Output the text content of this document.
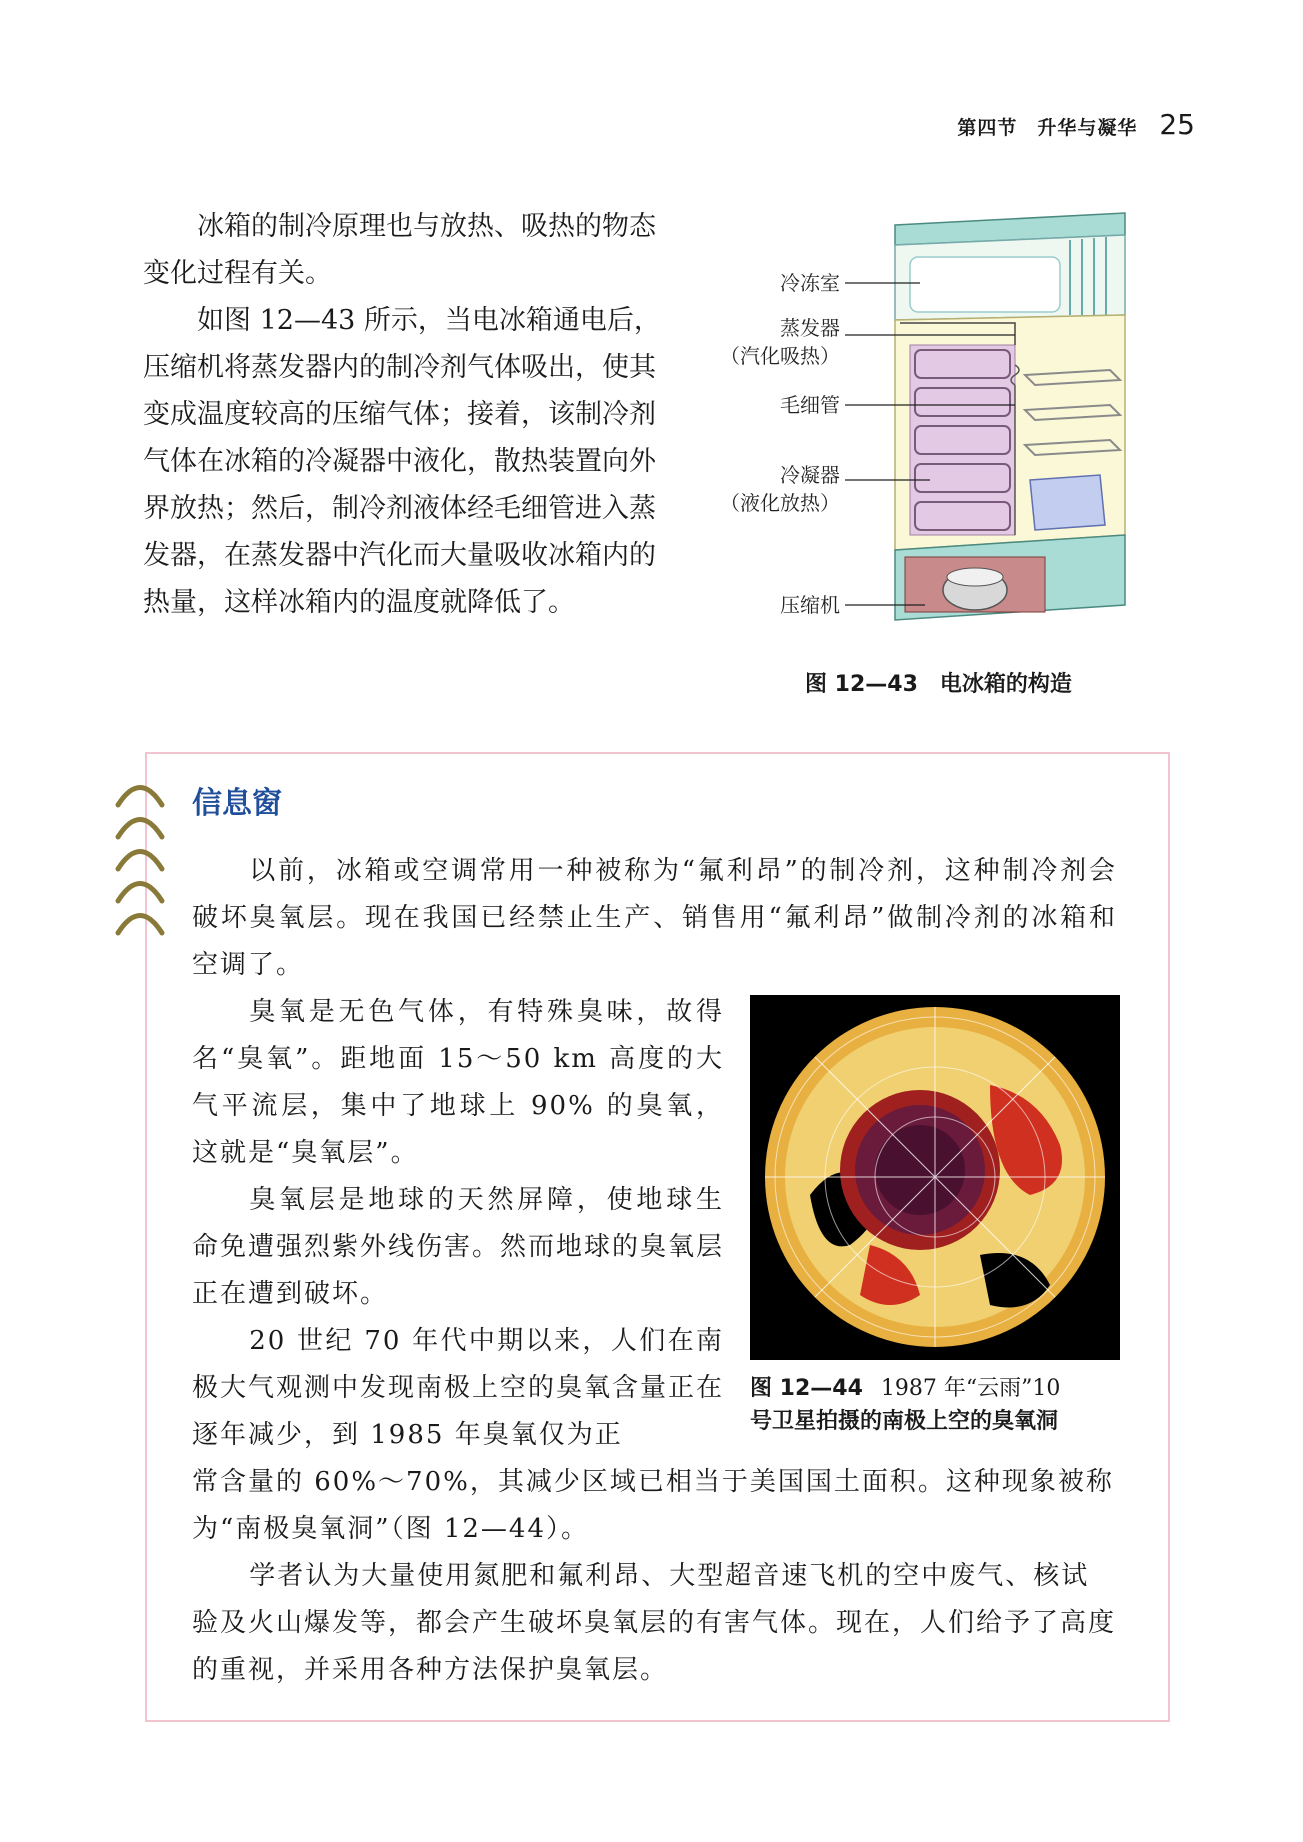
第四节　升华与凝华 25

冰箱的制冷原理也与放热、吸热的物态变化过程有关。

如图 12—43 所示，当电冰箱通电后，压缩机将蒸发器内的制冷剂气体吸出，使其变成温度较高的压缩气体；接着，该制冷剂气体在冰箱的冷凝器中液化，散热装置向外界放热；然后，制冷剂液体经毛细管进入蒸发器，在蒸发器中汽化而大量吸收冰箱内的热量，这样冰箱内的温度就降低了。

冷冻室
蒸发器
（汽化吸热）
毛细管
冷凝器
（液化放热）
压缩机
图 12—43 电冰箱的构造
信息窗

以前，冰箱或空调常用一种被称为“氟利昂”的制冷剂，这种制冷剂会破坏臭氧层。现在我国已经禁止生产、销售用“氟利昂”做制冷剂的冰箱和空调了。

臭氧是无色气体，有特殊臭味，故得名“臭氧”。距地面 15～50 km 高度的大气平流层，集中了地球上 90% 的臭氧，这就是“臭氧层”。

臭氧层是地球的天然屏障，使地球生命免遭强烈紫外线伤害。然而地球的臭氧层正在遭到破坏。

20 世纪 70 年代中期以来，人们在南极大气观测中发现南极上空的臭氧含量正在逐年减少，到 1985 年臭氧仅为正

常含量的 60%～70%，其减少区域已相当于美国国土面积。这种现象被称为“南极臭氧洞”（图 12—44）。

学者认为大量使用氮肥和氟利昂、大型超音速飞机的空中废气、核试验及火山爆发等，都会产生破坏臭氧层的有害气体。现在，人们给予了高度的重视，并采用各种方法保护臭氧层。

图 12—44 1987 年“云雨”10
号卫星拍摄的南极上空的臭氧洞
